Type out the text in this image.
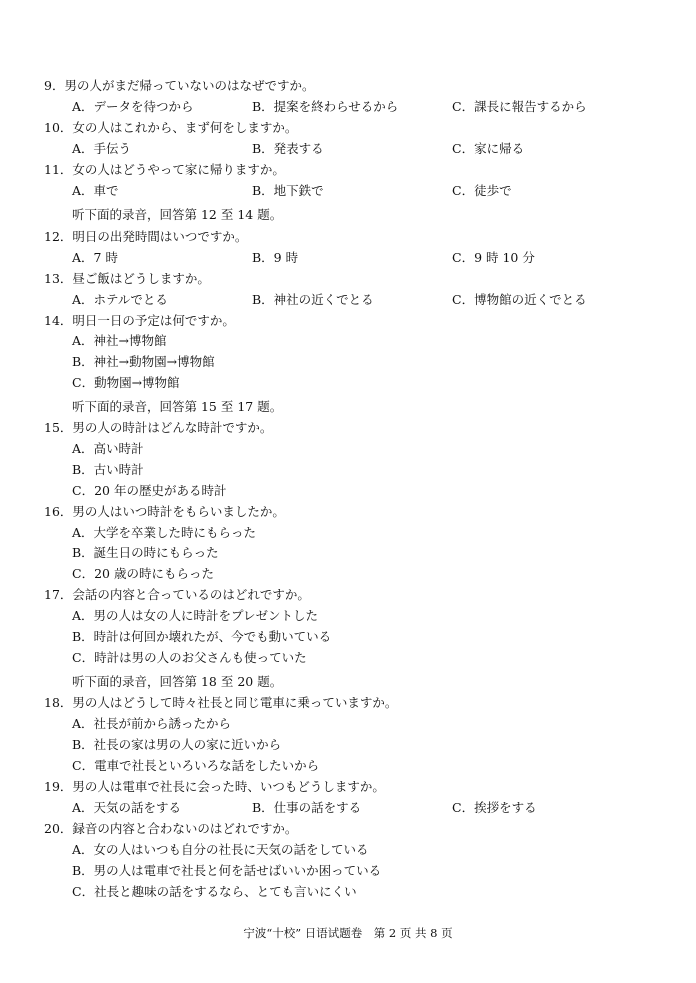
9．男の人がまだ帰っていないのはなぜですか。
A．データを待つから	B．提案を終わらせるから	C．課長に報告するから
10．女の人はこれから、まず何をしますか。
A．手伝う	B．発表する	C．家に帰る
11．女の人はどうやって家に帰りますか。
A．車で	B．地下鉄で	C．徒歩で
听下面的录音，回答第 12 至 14 题。
12．明日の出発時間はいつですか。
A．7 時	B．9 時	C．9 時 10 分
13．昼ご飯はどうしますか。
A．ホテルでとる	B．神社の近くでとる	C．博物館の近くでとる
14．明日一日の予定は何ですか。
A．神社→博物館
B．神社→動物園→博物館
C．動物園→博物館
听下面的录音，回答第 15 至 17 题。
15．男の人の時計はどんな時計ですか。
A．高い時計
B．古い時計
C．20 年の歴史がある時計
16．男の人はいつ時計をもらいましたか。
A．大学を卒業した時にもらった
B．誕生日の時にもらった
C．20 歳の時にもらった
17．会話の内容と合っているのはどれですか。
A．男の人は女の人に時計をプレゼントした
B．時計は何回か壊れたが、今でも動いている
C．時計は男の人のお父さんも使っていた
听下面的录音，回答第 18 至 20 题。
18．男の人はどうして時々社長と同じ電車に乗っていますか。
A．社長が前から誘ったから
B．社長の家は男の人の家に近いから
C．電車で社長といろいろな話をしたいから
19．男の人は電車で社長に会った時、いつもどうしますか。
A．天気の話をする	B．仕事の話をする	C．挨拶をする
20．録音の内容と合わないのはどれですか。
A．女の人はいつも自分の社長に天気の話をしている
B．男の人は電車で社長と何を話せばいいか困っている
C．社長と趣味の話をするなら、とても言いにくい
宁波“十校” 日语试题卷　第 2 页 共 8 页
